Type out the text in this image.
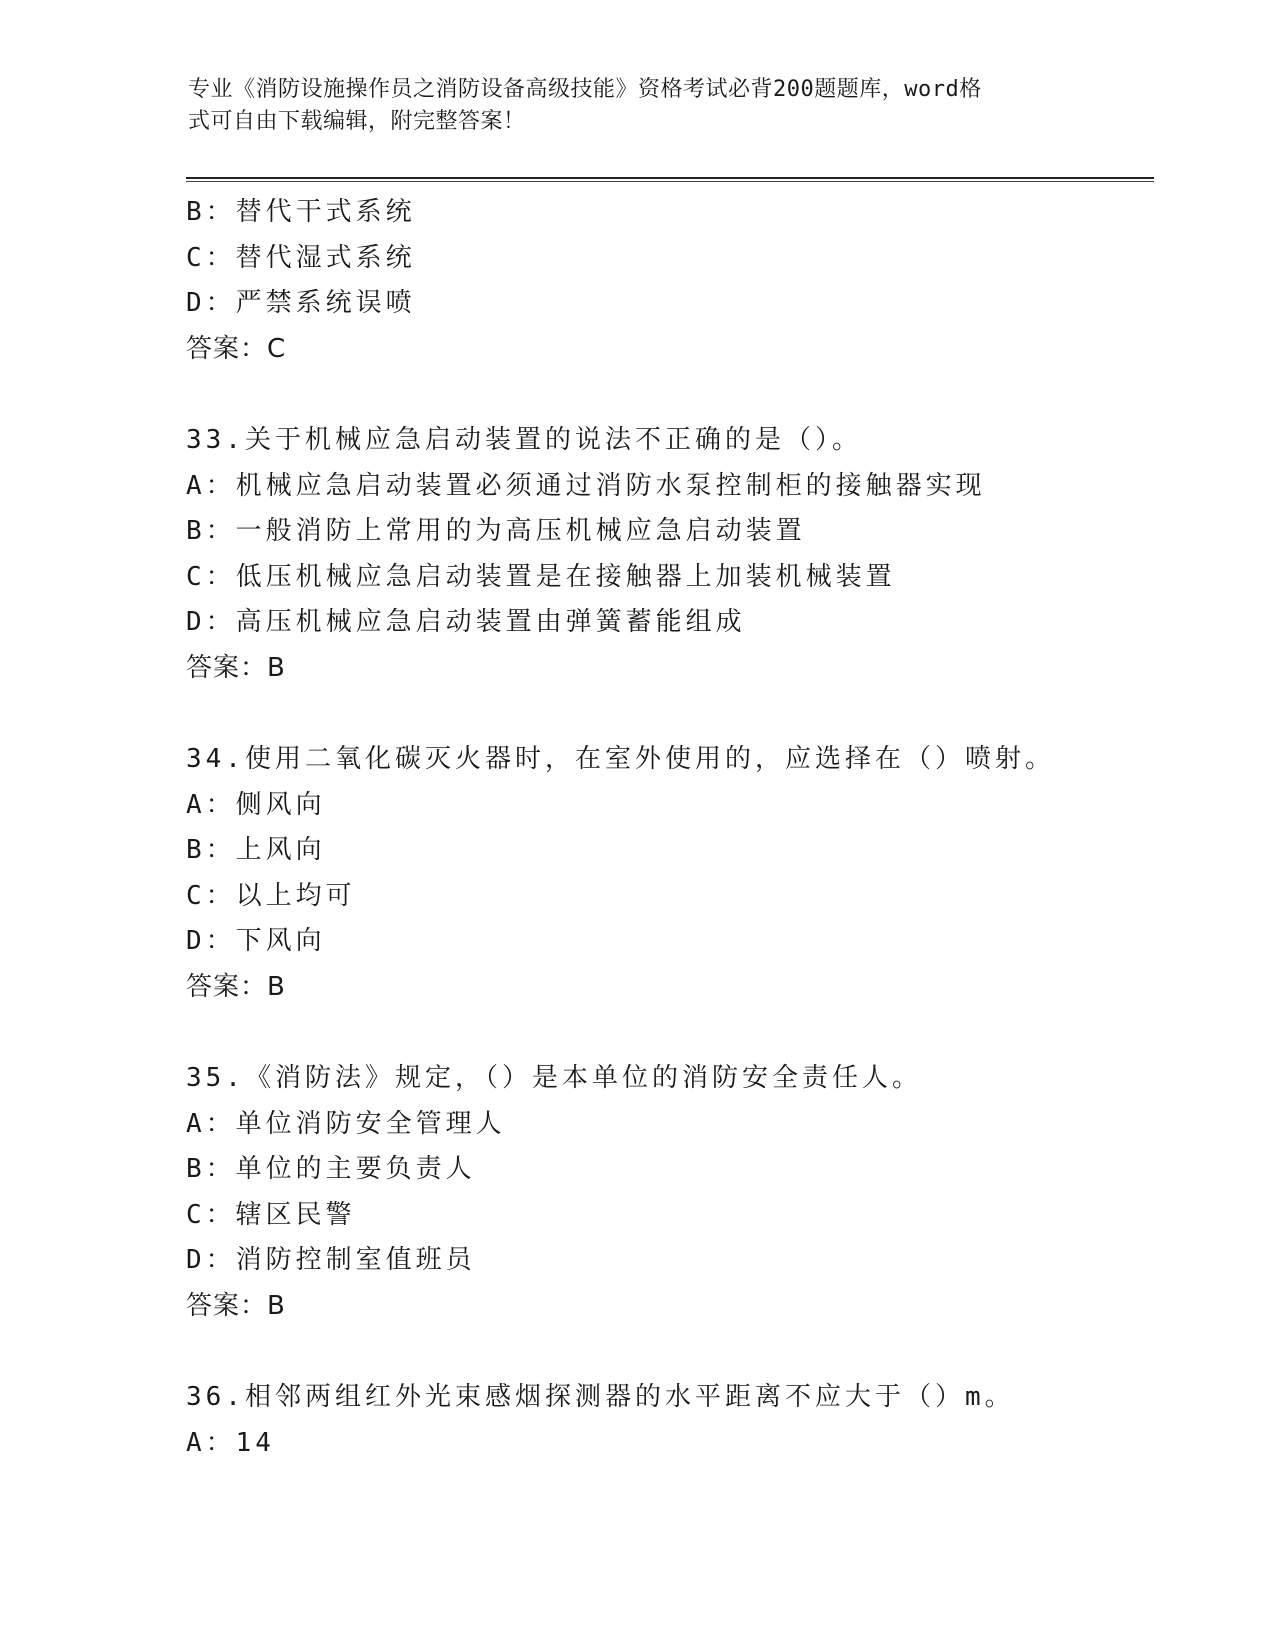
专业《消防设施操作员之消防设备高级技能》资格考试必背200题题库，word格
式可自由下载编辑，附完整答案！
B：替代干式系统
C：替代湿式系统
D：严禁系统误喷
答案：C
33.关于机械应急启动装置的说法不正确的是（）。
A：机械应急启动装置必须通过消防水泵控制柜的接触器实现
B：一般消防上常用的为高压机械应急启动装置
C：低压机械应急启动装置是在接触器上加装机械装置
D：高压机械应急启动装置由弹簧蓄能组成
答案：B
34.使用二氧化碳灭火器时，在室外使用的，应选择在（）喷射。
A：侧风向
B：上风向
C：以上均可
D：下风向
答案：B
35.《消防法》规定，（）是本单位的消防安全责任人。
A：单位消防安全管理人
B：单位的主要负责人
C：辖区民警
D：消防控制室值班员
答案：B
36.相邻两组红外光束感烟探测器的水平距离不应大于（）m。
A：14
